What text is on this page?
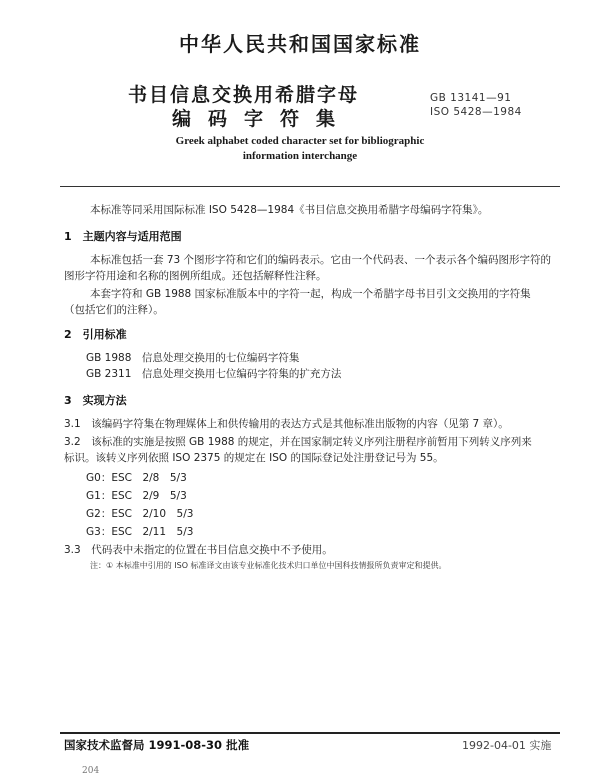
中华人民共和国国家标准
书目信息交换用希腊字母
编码字符集
GB 13141—91
ISO 5428—1984
Greek alphabet coded character set for bibliographic
information interchange
本标准等同采用国际标准 ISO 5428—1984《书目信息交换用希腊字母编码字符集》。
1　主题内容与适用范围
本标准包括一套 73 个图形字符和它们的编码表示。它由一个代码表、一个表示各个编码图形字符的
图形字符用途和名称的图例所组成。还包括解释性注释。
本套字符和 GB 1988 国家标准版本中的字符一起，构成一个希腊字母书目引文交换用的字符集
（包括它们的注释）。
2　引用标准
GB 1988　信息处理交换用的七位编码字符集
GB 2311　信息处理交换用七位编码字符集的扩充方法
3　实现方法
3.1　该编码字符集在物理媒体上和供传输用的表达方式是其他标准出版物的内容（见第 7 章）。
3.2　该标准的实施是按照 GB 1988 的规定，并在国家制定转义序列注册程序前暂用下列转义序列来
标识。该转义序列依照 ISO 2375 的规定在 ISO 的国际登记处注册登记号为 55。
G0：ESC　2/8　5/3
G1：ESC　2/9　5/3
G2：ESC　2/10　5/3
G3：ESC　2/11　5/3
3.3　代码表中未指定的位置在书目信息交换中不予使用。
注：① 本标准中引用的 ISO 标准译文由该专业标准化技术归口单位中国科技情报所负责审定和提供。
国家技术监督局 1991-08-30 批准	1992-04-01 实施
204
